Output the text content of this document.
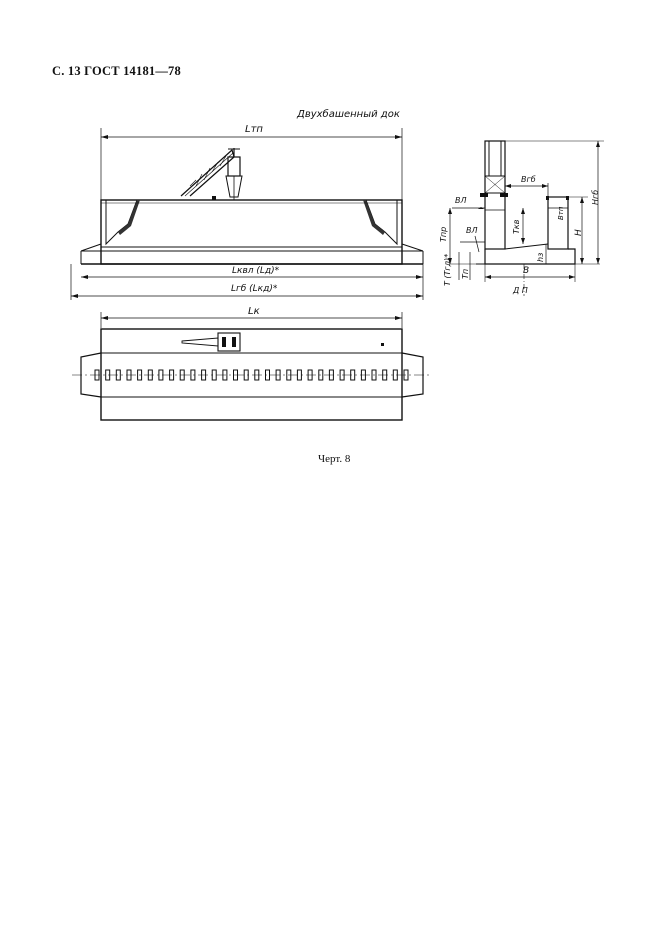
С. 13 ГОСТ 14181—78
Двухбашенный док
Lтп
Lквл (Lд)*
Lгб (Lкд)*
ВЛ
ВЛ
Bгб
Bтп
Tкв
hз
H
Hгб
Tпр
T (Tгд)* Tп	B
Д П
Lк
Черт. 8
